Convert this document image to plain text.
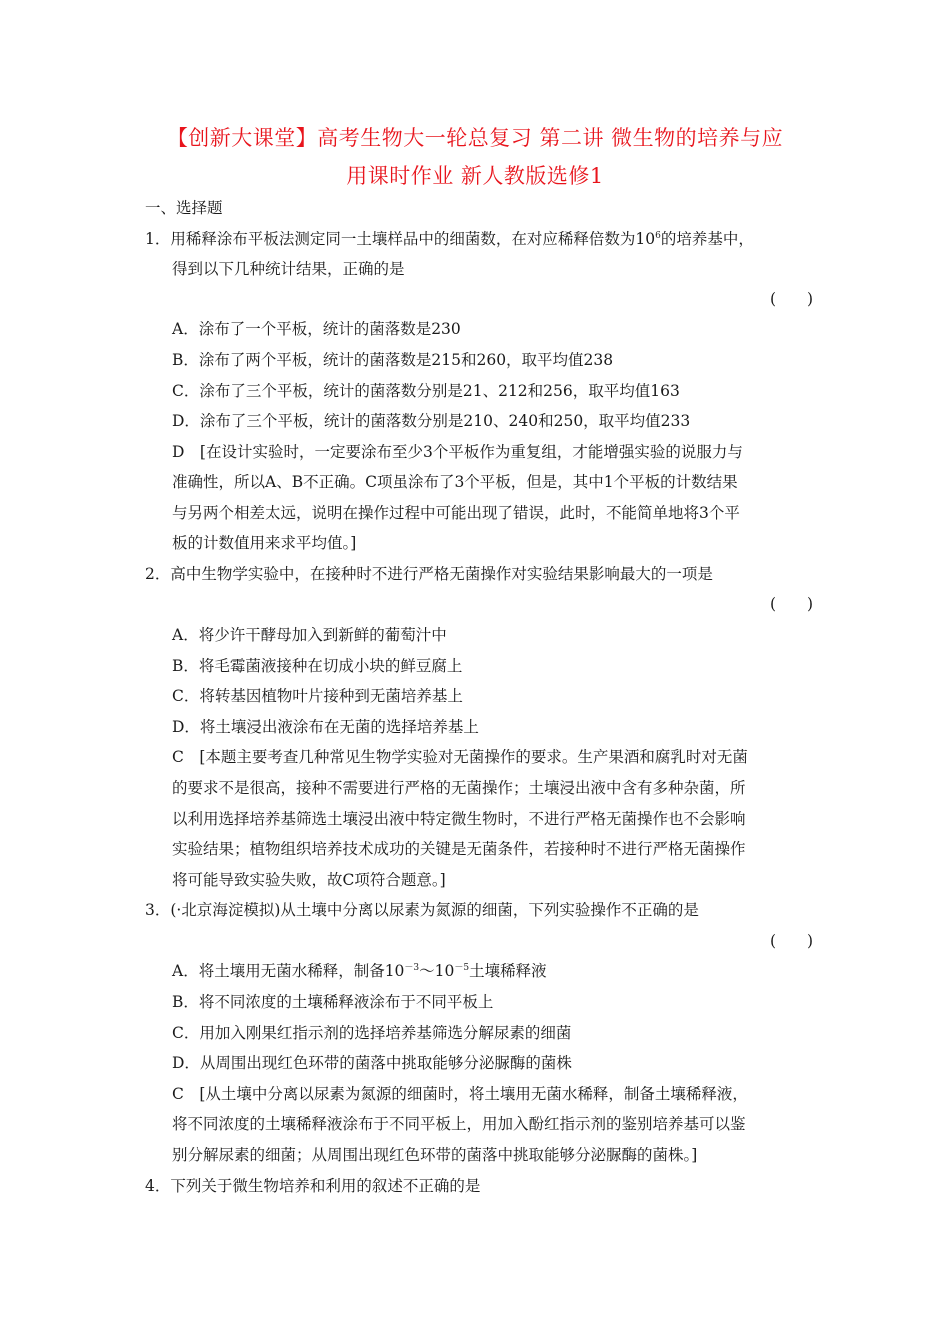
【创新大课堂】高考生物大一轮总复习 第二讲 微生物的培养与应
用课时作业 新人教版选修1
一、选择题
1．用稀释涂布平板法测定同一土壤样品中的细菌数，在对应稀释倍数为$10^6$的培养基中，
得到以下几种统计结果，正确的是
(　　)
A．涂布了一个平板，统计的菌落数是230
B．涂布了两个平板，统计的菌落数是215和260，取平均值238
C．涂布了三个平板，统计的菌落数分别是21、212和256，取平均值163
D．涂布了三个平板，统计的菌落数分别是210、240和250，取平均值233
D　[在设计实验时，一定要涂布至少3个平板作为重复组，才能增强实验的说服力与
准确性，所以A、B不正确。C项虽涂布了3个平板，但是，其中1个平板的计数结果
与另两个相差太远，说明在操作过程中可能出现了错误，此时，不能简单地将3个平
板的计数值用来求平均值。]
2．高中生物学实验中，在接种时不进行严格无菌操作对实验结果影响最大的一项是
(　　)
A．将少许干酵母加入到新鲜的葡萄汁中
B．将毛霉菌液接种在切成小块的鲜豆腐上
C．将转基因植物叶片接种到无菌培养基上
D．将土壤浸出液涂布在无菌的选择培养基上
C　[本题主要考查几种常见生物学实验对无菌操作的要求。生产果酒和腐乳时对无菌
的要求不是很高，接种不需要进行严格的无菌操作；土壤浸出液中含有多种杂菌，所
以利用选择培养基筛选土壤浸出液中特定微生物时，不进行严格无菌操作也不会影响
实验结果；植物组织培养技术成功的关键是无菌条件，若接种时不进行严格无菌操作
将可能导致实验失败，故C项符合题意。]
3．(·北京海淀模拟)从土壤中分离以尿素为氮源的细菌，下列实验操作不正确的是
(　　)
A．将土壤用无菌水稀释，制备$10^{-3}\sim 10^{-5}$土壤稀释液
B．将不同浓度的土壤稀释液涂布于不同平板上
C．用加入刚果红指示剂的选择培养基筛选分解尿素的细菌
D．从周围出现红色环带的菌落中挑取能够分泌脲酶的菌株
C　[从土壤中分离以尿素为氮源的细菌时，将土壤用无菌水稀释，制备土壤稀释液，
将不同浓度的土壤稀释液涂布于不同平板上，用加入酚红指示剂的鉴别培养基可以鉴
别分解尿素的细菌；从周围出现红色环带的菌落中挑取能够分泌脲酶的菌株。]
4．下列关于微生物培养和利用的叙述不正确的是
